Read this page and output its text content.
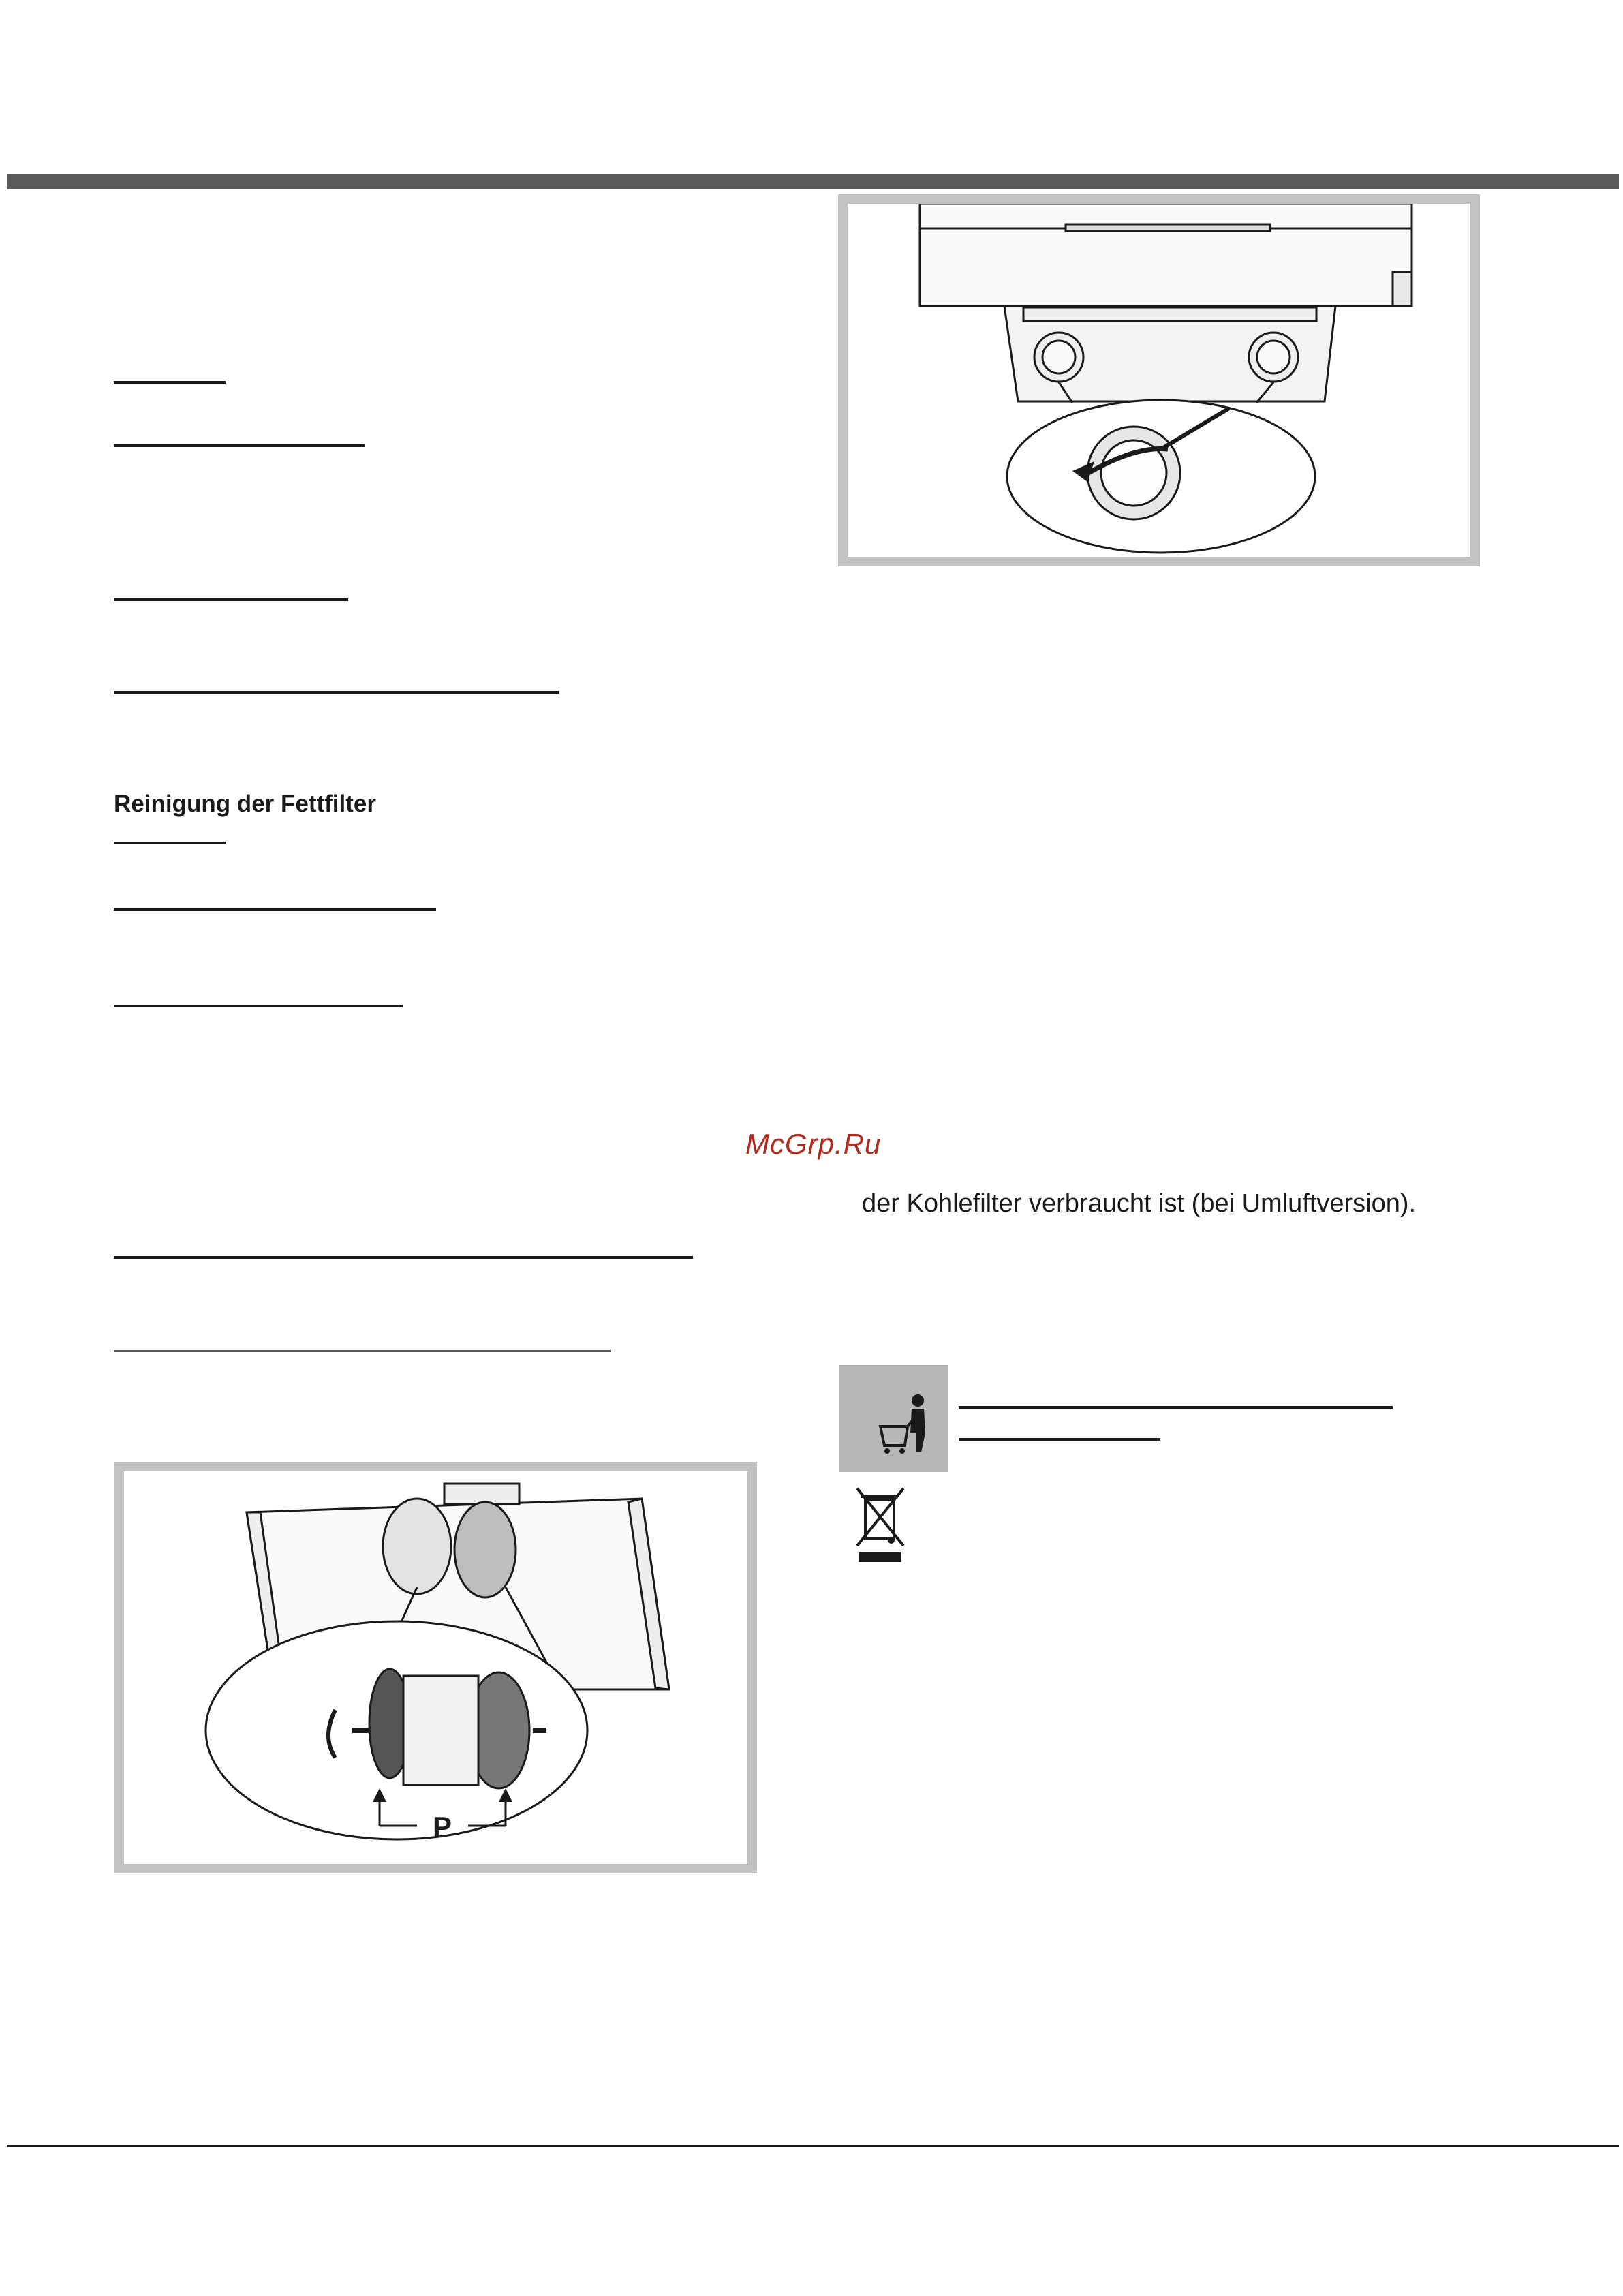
Reinigung der Fettfilter
McGrp.Ru
der Kohlefilter verbraucht ist (bei Umluftversion).
P
